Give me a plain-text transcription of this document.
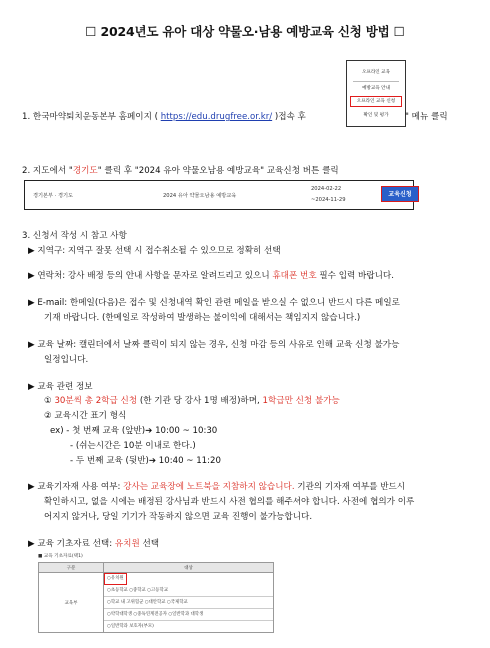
☐ 2024년도 유아 대상 약물오·남용 예방교육 신청 방법 ☐
오프라인 교육
예방교육 안내
오프라인 교육 신청
확인 및 평가
1. 한국마약퇴치운동본부 홈페이지 ( https://edu.drugfree.or.kr/ )접속 후	" 메뉴 클릭
2. 지도에서 "경기도" 클릭 후 "2024 유아 약물오남용 예방교육" 교육신청 버튼 클릭
경기본부 · 경기도	2024 유아 약물오남용 예방교육
2024-02-22
~2024-11-29
교육신청
3. 신청서 작성 시 참고 사항
▶ 지역구: 지역구 잘못 선택 시 접수취소될 수 있으므로 정확히 선택
▶ 연락처: 강사 배정 등의 안내 사항을 문자로 알려드리고 있으니 휴대폰 번호 필수 입력 바랍니다.
▶ E-mail: 한메일(다음)은 접수 및 신청내역 확인 관련 메일을 받으실 수 없으니 반드시 다른 메일로
기재 바랍니다. (한메일로 작성하여 발생하는 불이익에 대해서는 책임지지 않습니다.)
▶ 교육 날짜: 캘린더에서 날짜 클릭이 되지 않는 경우, 신청 마감 등의 사유로 인해 교육 신청 불가능
일정입니다.
▶ 교육 관련 정보
① 30분씩 총 2학급 신청 (한 기관 당 강사 1명 배정)하며, 1학급만 신청 불가능
② 교육시간 표기 형식
ex) - 첫 번째 교육 (앞반)➔ 10:00 ~ 10:30
- (쉬는시간은 10분 이내로 한다.)
- 두 번째 교육 (뒷반)➔ 10:40 ~ 11:20
▶ 교육기자재 사용 여부: 강사는 교육장에 노트북을 지참하지 않습니다. 기관의 기자재 여부를 반드시
확인하시고, 없을 시에는 배정된 강사님과 반드시 사전 협의를 해주셔야 합니다. 사전에 협의가 이루
어지지 않거나, 당일 기기가 작동하지 않으면 교육 진행이 불가능합니다.
▶ 교육 기초자료 선택: 유치원 선택
■ 교육 기초자료(택1)
구분	대상
교육부	○유치원
○초등학교 ○중학교 ○고등학교
○학교 내 고위험군 ○대안학교 ○국제학교
○약학대학생 ○중독연계전공자 ○일반학과 대학생
○일반학과 보호자(부모)
